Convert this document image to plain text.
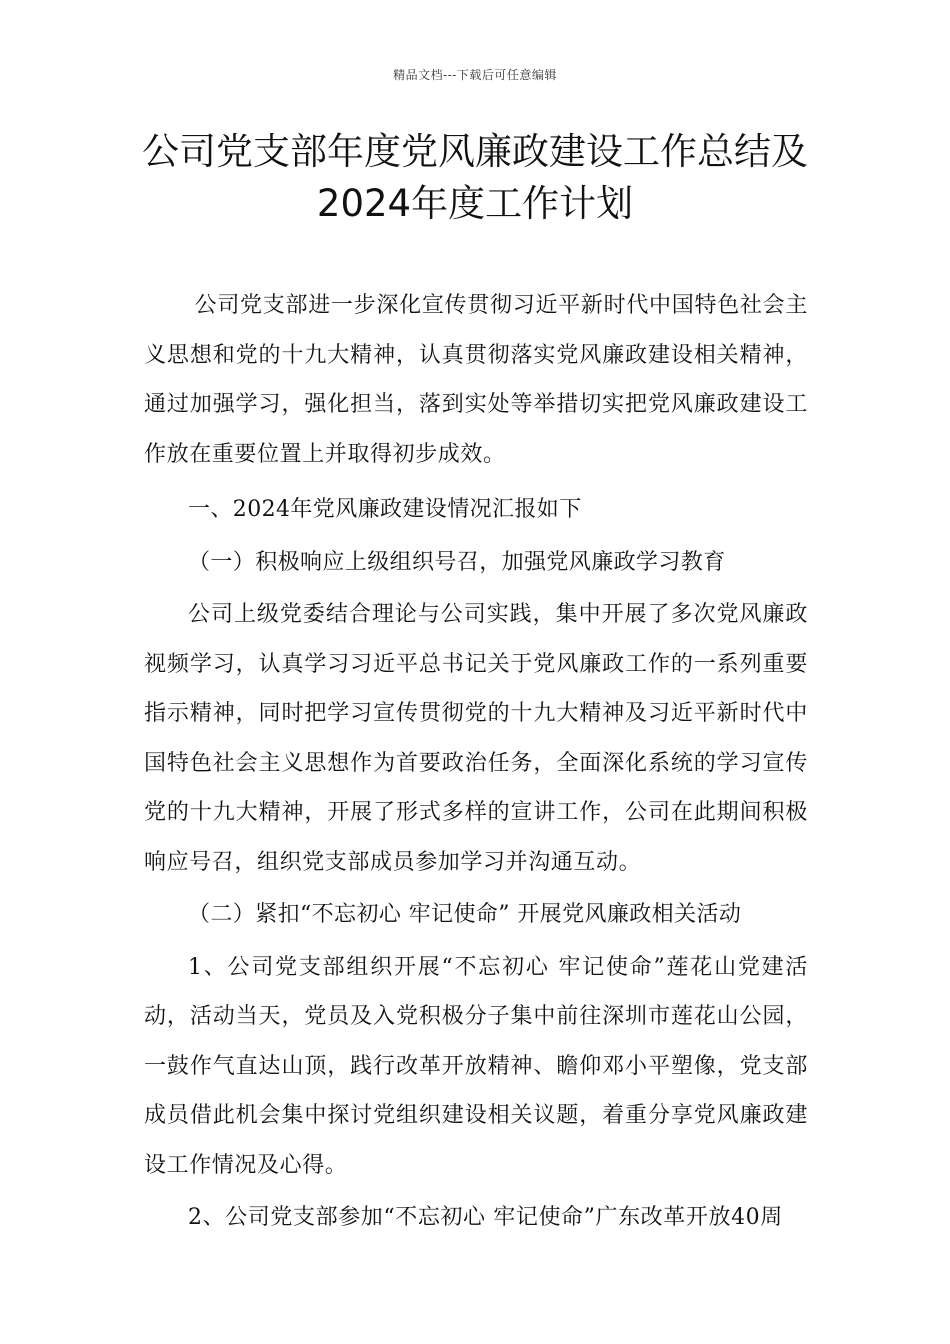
精品文档---下载后可任意编辑
公司党支部年度党风廉政建设工作总结及2024年度工作计划

公司党支部进一步深化宣传贯彻习近平新时代中国特色社会主义思想和党的十九大精神，认真贯彻落实党风廉政建设相关精神，通过加强学习，强化担当，落到实处等举措切实把党风廉政建设工作放在重要位置上并取得初步成效。

一、2024年党风廉政建设情况汇报如下

（一）积极响应上级组织号召，加强党风廉政学习教育

公司上级党委结合理论与公司实践，集中开展了多次党风廉政视频学习，认真学习习近平总书记关于党风廉政工作的一系列重要指示精神，同时把学习宣传贯彻党的十九大精神及习近平新时代中国特色社会主义思想作为首要政治任务，全面深化系统的学习宣传党的十九大精神，开展了形式多样的宣讲工作，公司在此期间积极响应号召，组织党支部成员参加学习并沟通互动。

（二）紧扣“不忘初心 牢记使命” 开展党风廉政相关活动

1、公司党支部组织开展“不忘初心 牢记使命”莲花山党建活动，活动当天，党员及入党积极分子集中前往深圳市莲花山公园，一鼓作气直达山顶，践行改革开放精神、瞻仰邓小平塑像，党支部成员借此机会集中探讨党组织建设相关议题，着重分享党风廉政建设工作情况及心得。

2、公司党支部参加“不忘初心 牢记使命”广东改革开放40周
